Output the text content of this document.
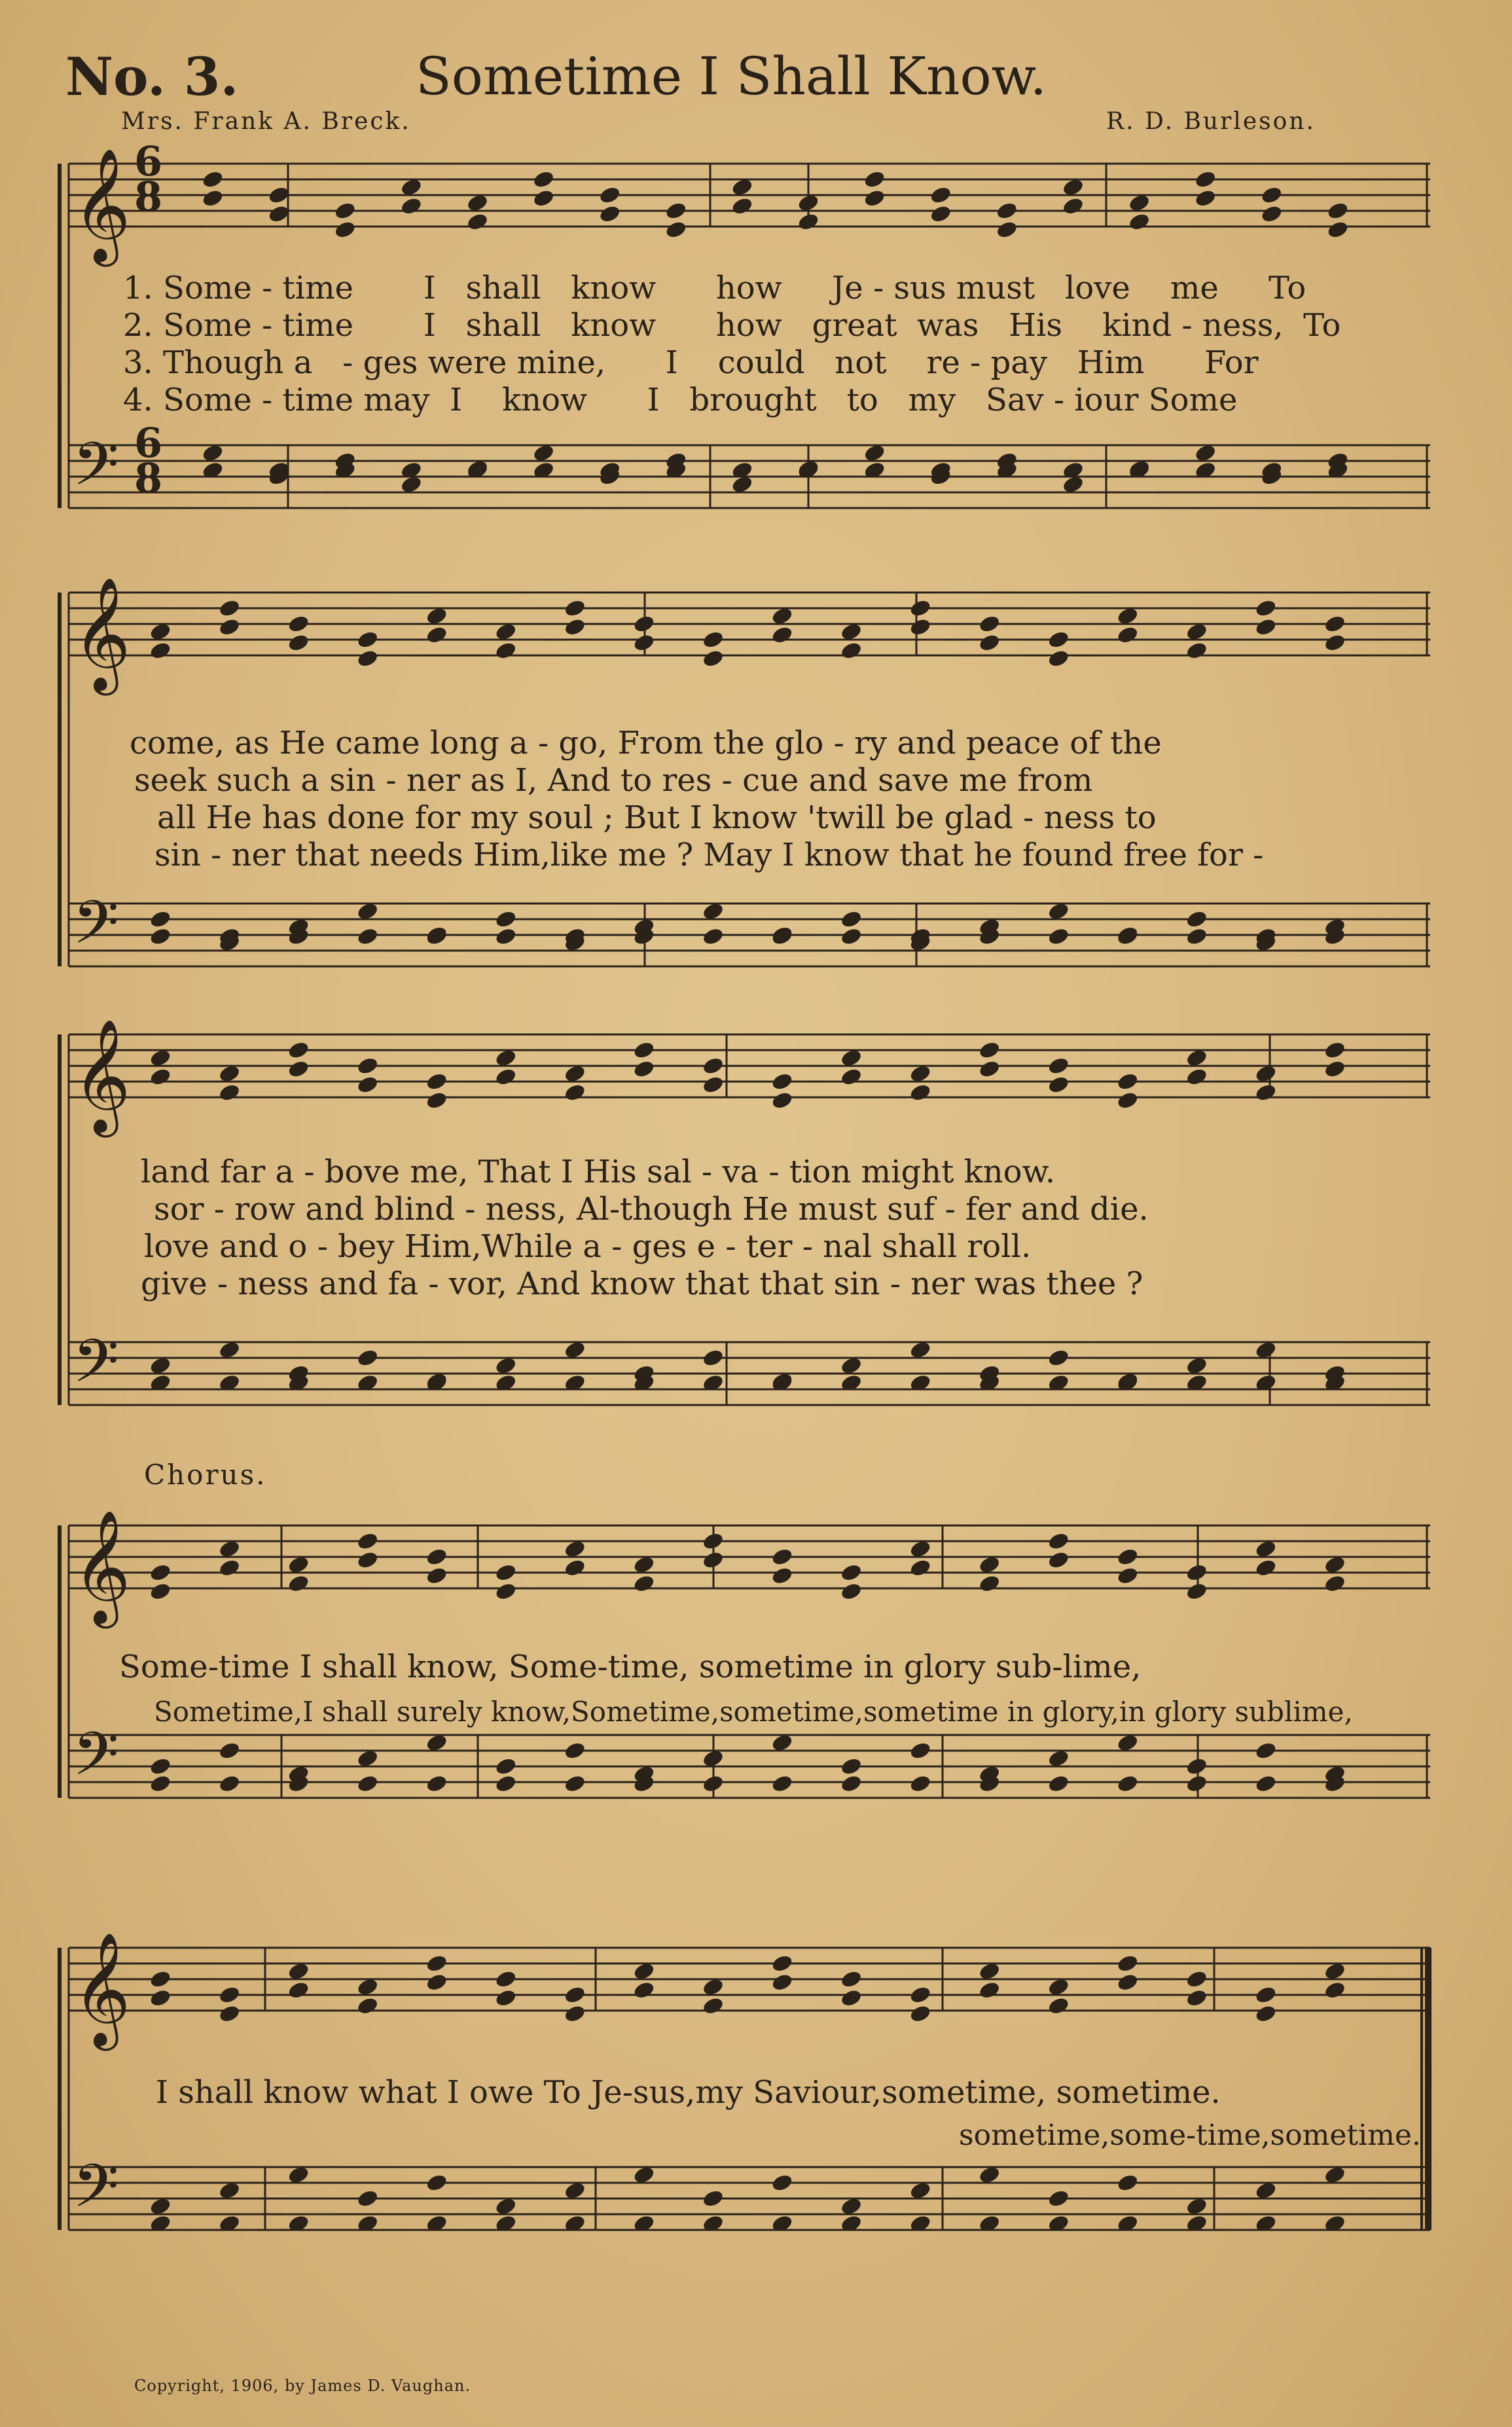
No. 3.	Sometime I Shall Know.
Mrs. Frank A. Breck.	R. D. Burleson.
𝄞
𝄢
𝄞
𝄢
𝄞
𝄢
𝄞
𝄢
𝄞
𝄢
6
8
6
8
1. Some - time I shall know how Je - sus must love me To
2. Some - time I shall know how great was His kind - ness, To
3. Though a - ges were mine, I could not re - pay Him For
4. Some - time may I know I brought to my Sav - iour Some
come, as He came long a - go, From the glo - ry and peace of the
seek such a sin - ner as I, And to res - cue and save me from
all He has done for my soul ; But I know 'twill be glad - ness to
sin - ner that needs Him,like me ? May I know that he found free for -
land far a - bove me, That I His sal - va - tion might know.
sor - row and blind - ness, Al-though He must suf - fer and die.
love and o - bey Him,While a - ges e - ter - nal shall roll.
give - ness and fa - vor, And know that that sin - ner was thee ?
Chorus.
Some-time I shall know, Some-time, sometime in glory sub-lime,
Sometime,I shall surely know,Sometime,sometime,sometime in glory,in glory sublime,
I shall know what I owe To Je-sus,my Saviour,sometime, sometime.
sometime,some-time,sometime.
Copyright, 1906, by James D. Vaughan.
